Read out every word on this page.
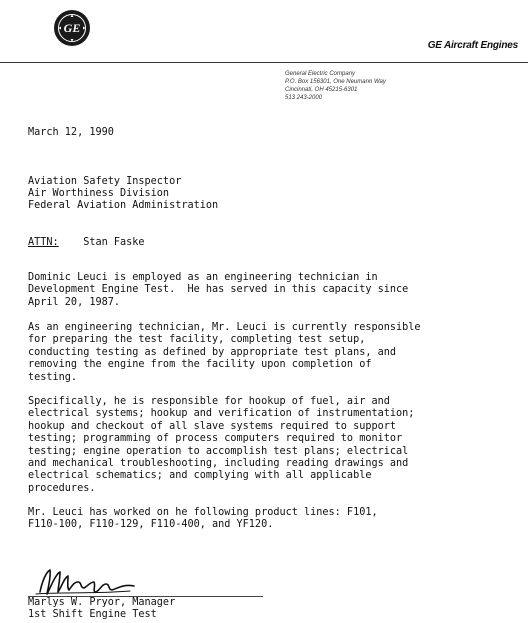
GE
GE Aircraft Engines
General Electric Company
P.O. Box 156301, One Neumann Way
Cincinnati, OH 45215-6301
513 243-2000
March 12, 1990
Aviation Safety Inspector
Air Worthiness Division
Federal Aviation Administration
ATTN: Stan Faske
Dominic Leuci is employed as an engineering technician in
Development Engine Test.  He has served in this capacity since
April 20, 1987.
As an engineering technician, Mr. Leuci is currently responsible
for preparing the test facility, completing test setup,
conducting testing as defined by appropriate test plans, and
removing the engine from the facility upon completion of
testing.
Specifically, he is responsible for hookup of fuel, air and
electrical systems; hookup and verification of instrumentation;
hookup and checkout of all slave systems required to support
testing; programming of process computers required to monitor
testing; engine operation to accomplish test plans; electrical
and mechanical troubleshooting, including reading drawings and
electrical schematics; and complying with all applicable
procedures.
Mr. Leuci has worked on he following product lines: F101,
F110-100, F110-129, F110-400, and YF120.
Marlys W. Pryor, Manager
1st Shift Engine Test
